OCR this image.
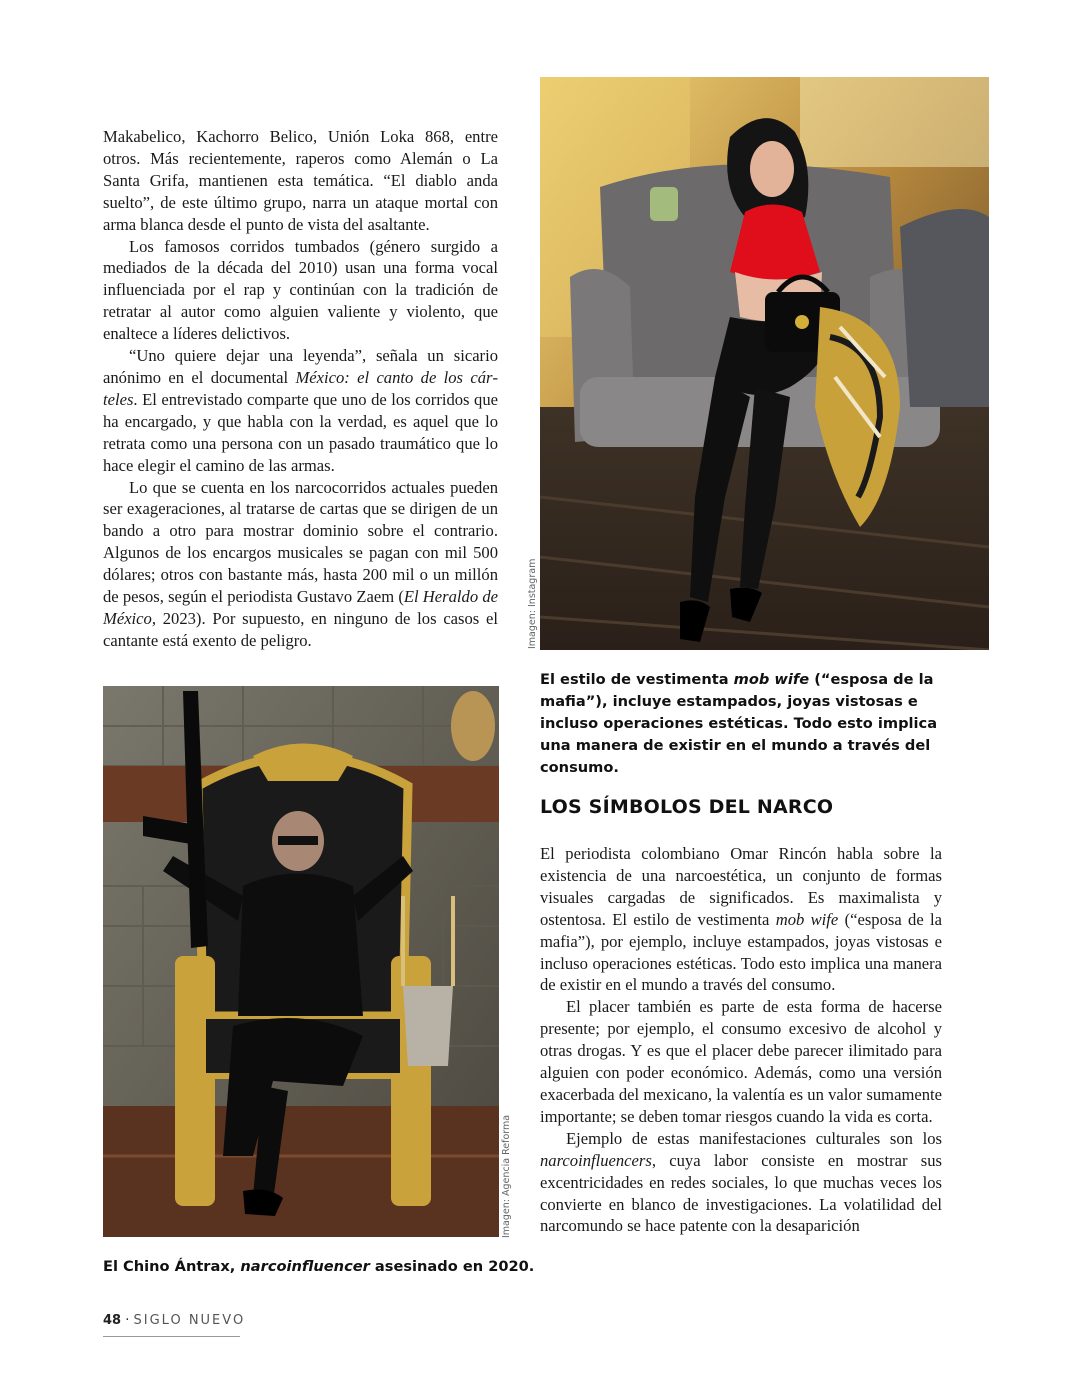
Makabelico, Kachorro Belico, Unión Loka 868, entre otros. Más recientemente, raperos como Alemán o La Santa Grifa, mantienen esta temática. “El diablo anda suelto”, de este último grupo, narra un ataque mortal con arma blanca desde el punto de vista del asaltante.

Los famosos corridos tumbados (género surgido a mediados de la década del 2010) usan una forma vocal influenciada por el rap y continúan con la tradición de retratar al autor como alguien valiente y violento, que enaltece a líderes delictivos.

“Uno quiere dejar una leyenda”, señala un sicario anónimo en el documental México: el canto de los cárteles. El entrevistado comparte que uno de los corridos que ha encargado, y que habla con la verdad, es aquel que lo retrata como una persona con un pasado traumático que lo hace elegir el camino de las armas.

Lo que se cuenta en los narcocorridos actuales pueden ser exageraciones, al tratarse de cartas que se dirigen de un bando a otro para mostrar dominio sobre el contrario. Algunos de los encargos musicales se pagan con mil 500 dólares; otros con bastante más, hasta 200 mil o un millón de pesos, según el periodista Gustavo Zaem (El Heraldo de México, 2023). Por supuesto, en ninguno de los casos el cantante está exento de peligro.	Imagen: Instagram
El estilo de vestimenta mob wife (“esposa de la mafia”), incluye estampados, joyas vistosas e incluso operaciones estéticas. Todo esto implica una manera de existir en el mundo a través del consumo.
LOS SÍMBOLOS DEL NARCO

El periodista colombiano Omar Rincón habla sobre la existencia de una narcoestética, un conjunto de formas visuales cargadas de significados. Es maximalista y ostentosa. El estilo de vestimenta mob wife (“esposa de la mafia”), por ejemplo, incluye estampados, joyas vistosas e incluso operaciones estéticas. Todo esto implica una manera de existir en el mundo a través del consumo.

El placer también es parte de esta forma de hacerse presente; por ejemplo, el consumo excesivo de alcohol y otras drogas. Y es que el placer debe parecer ilimitado para alguien con poder económico. Además, como una versión exacerbada del mexicano, la valentía es un valor sumamente importante; se deben tomar riesgos cuando la vida es corta.

Ejemplo de estas manifestaciones culturales son los narcoinfluencers, cuya labor consiste en mostrar sus excentricidades en redes sociales, lo que muchas veces los convierte en blanco de investigaciones. La volatilidad del narcomundo se hace patente con la desaparición

Imagen: Agencia Reforma
El Chino Ántrax, narcoinfluencer asesinado en 2020.
48 · SIGLO NUEVO
